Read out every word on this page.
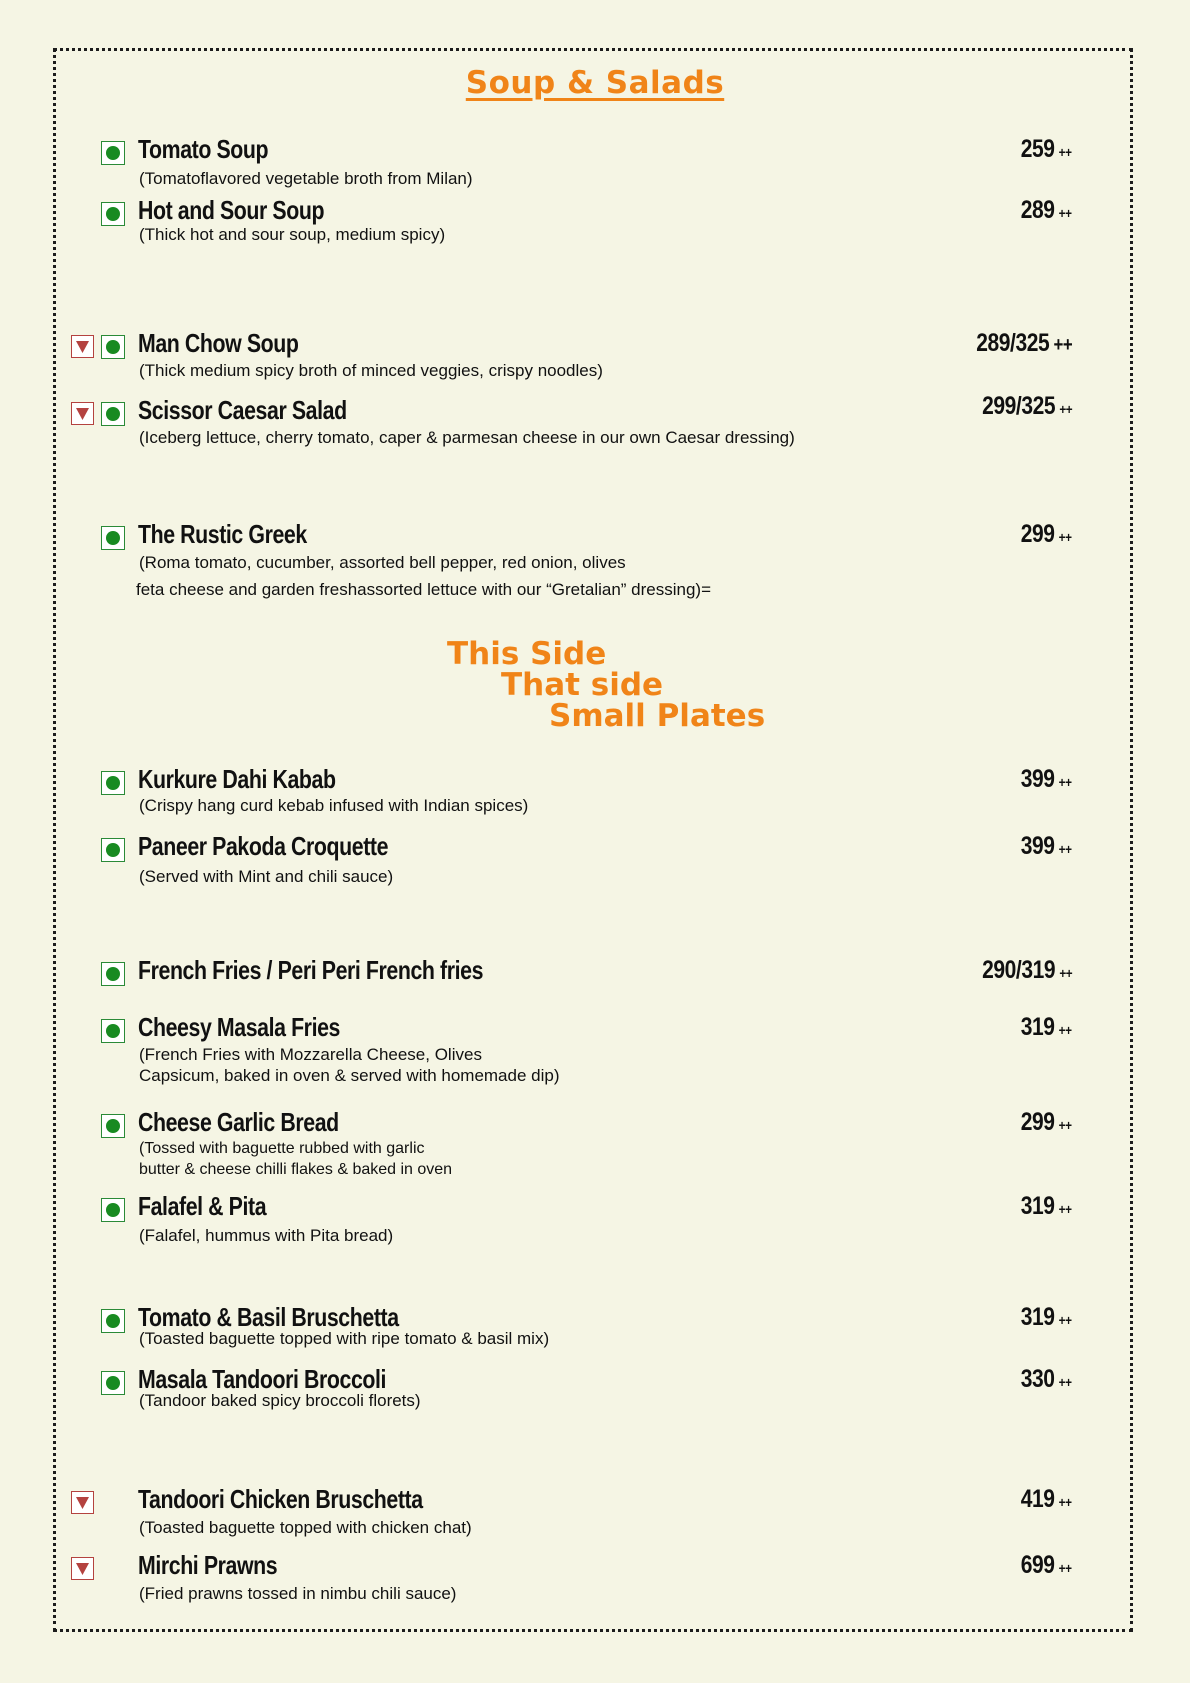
Soup & Salads
Tomato Soup	259 ++
(Tomatoflavored vegetable broth from Milan)
Hot and Sour Soup	289 ++
(Thick hot and sour soup, medium spicy)
Man Chow Soup	289/325 ++
(Thick medium spicy broth of minced veggies, crispy noodles)
Scissor Caesar Salad	299/325 ++
(Iceberg lettuce, cherry tomato, caper & parmesan cheese in our own Caesar dressing)
The Rustic Greek	299 ++
(Roma tomato, cucumber, assorted bell pepper, red onion, olives
feta cheese and garden freshassorted lettuce with our “Gretalian” dressing)=
This Side
That side
Small Plates
Kurkure Dahi Kabab	399 ++
(Crispy hang curd kebab infused with Indian spices)
Paneer Pakoda Croquette	399 ++
(Served with Mint and chili sauce)
French Fries / Peri Peri French fries	290/319 ++
Cheesy Masala Fries	319 ++
(French Fries with Mozzarella Cheese, Olives
Capsicum, baked in oven & served with homemade dip)
Cheese Garlic Bread	299 ++
(Tossed with baguette rubbed with garlic
butter & cheese chilli flakes & baked in oven
Falafel & Pita	319 ++
(Falafel, hummus with Pita bread)
Tomato & Basil Bruschetta	319 ++
(Toasted baguette topped with ripe tomato & basil mix)
Masala Tandoori Broccoli	330 ++
(Tandoor baked spicy broccoli florets)
Tandoori Chicken Bruschetta	419 ++
(Toasted baguette topped with chicken chat)
Mirchi Prawns	699 ++
(Fried prawns tossed in nimbu chili sauce)
